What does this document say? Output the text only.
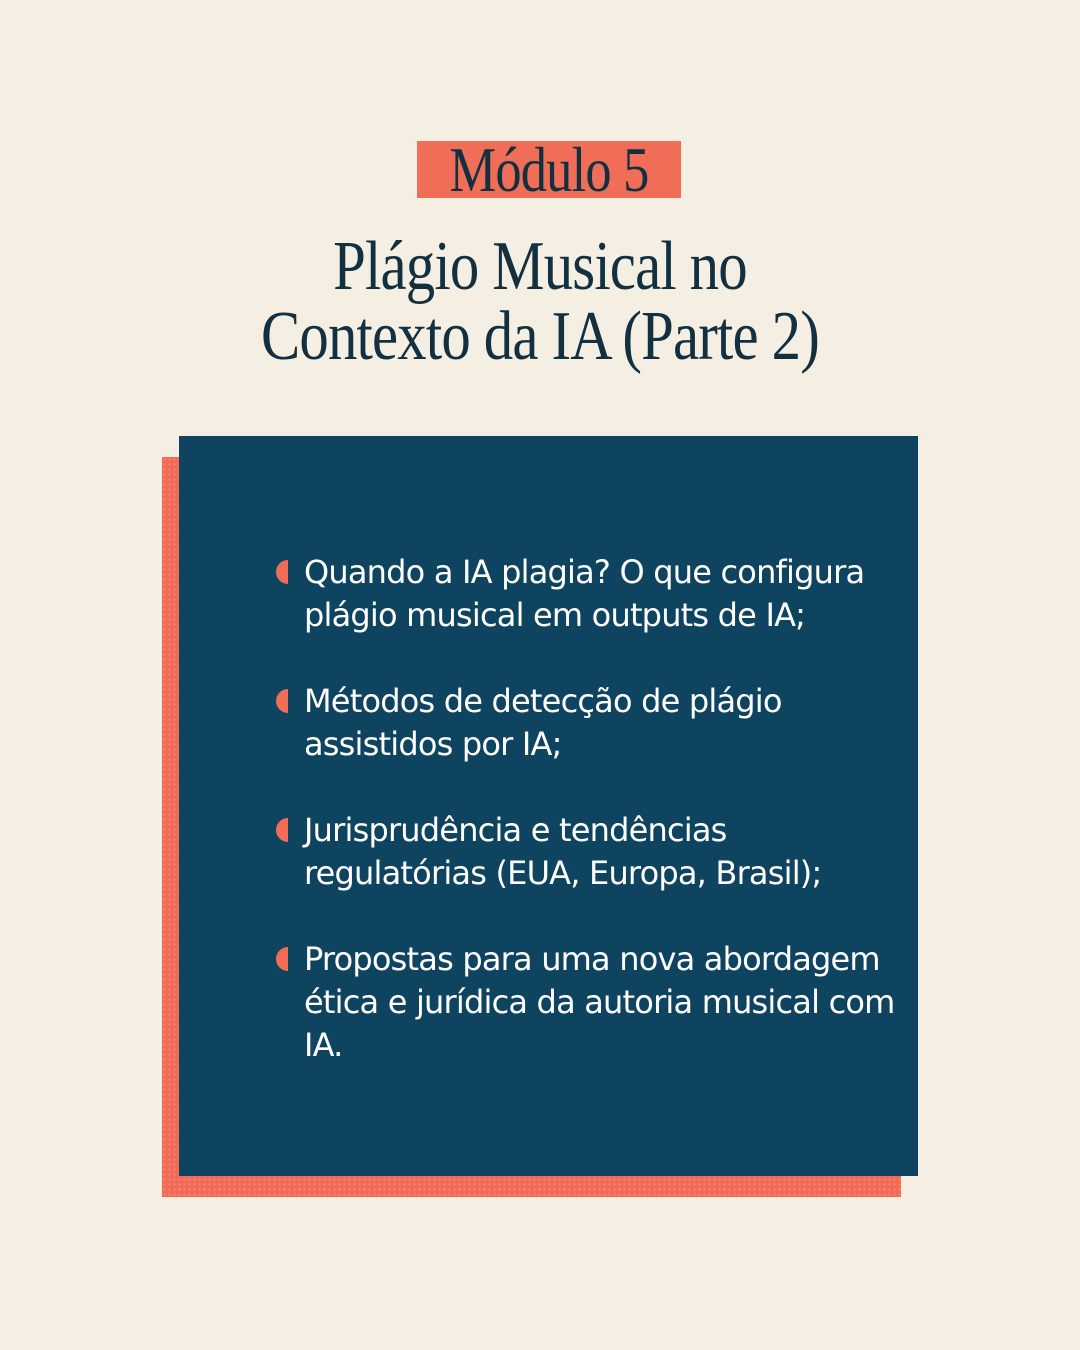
Módulo 5
Plágio Musical no
Contexto da IA (Parte 2)
Quando a IA plagia? O que configura plágio musical em outputs de IA;
Métodos de detecção de plágio assistidos por IA;
Jurisprudência e tendências regulatórias (EUA, Europa, Brasil);
Propostas para uma nova abordagem ética e jurídica da autoria musical com IA.
